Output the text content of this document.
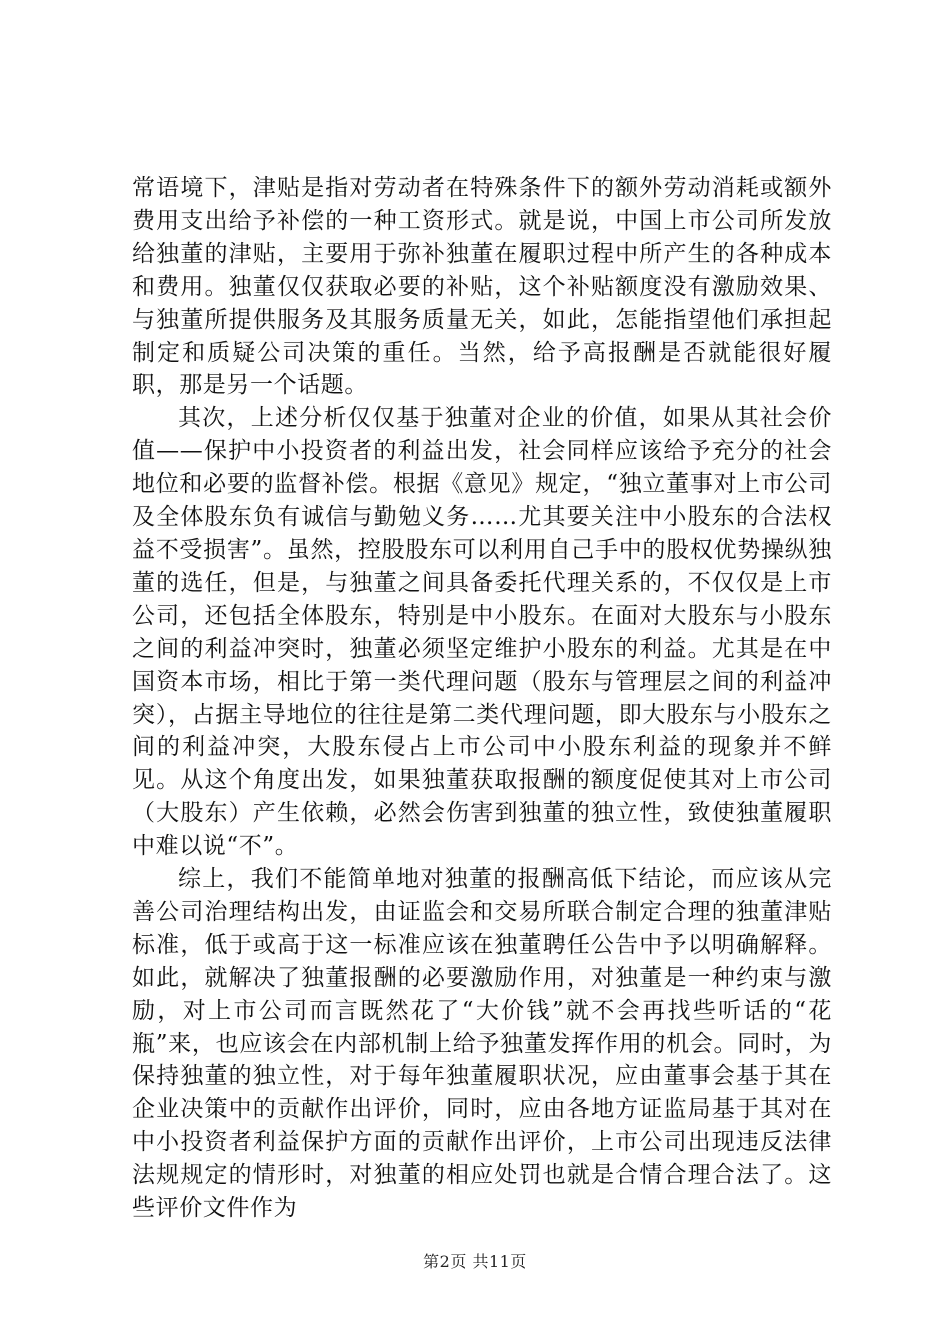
常语境下，津贴是指对劳动者在特殊条件下的额外劳动消耗或额外费用支出给予补偿的一种工资形式。就是说，中国上市公司所发放给独董的津贴，主要用于弥补独董在履职过程中所产生的各种成本和费用。独董仅仅获取必要的补贴，这个补贴额度没有激励效果、与独董所提供服务及其服务质量无关，如此，怎能指望他们承担起制定和质疑公司决策的重任。当然，给予高报酬是否就能很好履职，那是另一个话题。

其次，上述分析仅仅基于独董对企业的价值，如果从其社会价值——保护中小投资者的利益出发，社会同样应该给予充分的社会地位和必要的监督补偿。根据《意见》规定，“独立董事对上市公司及全体股东负有诚信与勤勉义务……尤其要关注中小股东的合法权益不受损害”。虽然，控股股东可以利用自己手中的股权优势操纵独董的选任，但是，与独董之间具备委托代理关系的，不仅仅是上市公司，还包括全体股东，特别是中小股东。在面对大股东与小股东之间的利益冲突时，独董必须坚定维护小股东的利益。尤其是在中国资本市场，相比于第一类代理问题（股东与管理层之间的利益冲突），占据主导地位的往往是第二类代理问题，即大股东与小股东之间的利益冲突，大股东侵占上市公司中小股东利益的现象并不鲜见。从这个角度出发，如果独董获取报酬的额度促使其对上市公司（大股东）产生依赖，必然会伤害到独董的独立性，致使独董履职中难以说“不”。

综上，我们不能简单地对独董的报酬高低下结论，而应该从完善公司治理结构出发，由证监会和交易所联合制定合理的独董津贴标准，低于或高于这一标准应该在独董聘任公告中予以明确解释。如此，就解决了独董报酬的必要激励作用，对独董是一种约束与激励，对上市公司而言既然花了“大价钱”就不会再找些听话的“花瓶”来，也应该会在内部机制上给予独董发挥作用的机会。同时，为保持独董的独立性，对于每年独董履职状况，应由董事会基于其在企业决策中的贡献作出评价，同时，应由各地方证监局基于其对在中小投资者利益保护方面的贡献作出评价，上市公司出现违反法律法规规定的情形时，对独董的相应处罚也就是合情合理合法了。这些评价文件作为

第2页 共11页
